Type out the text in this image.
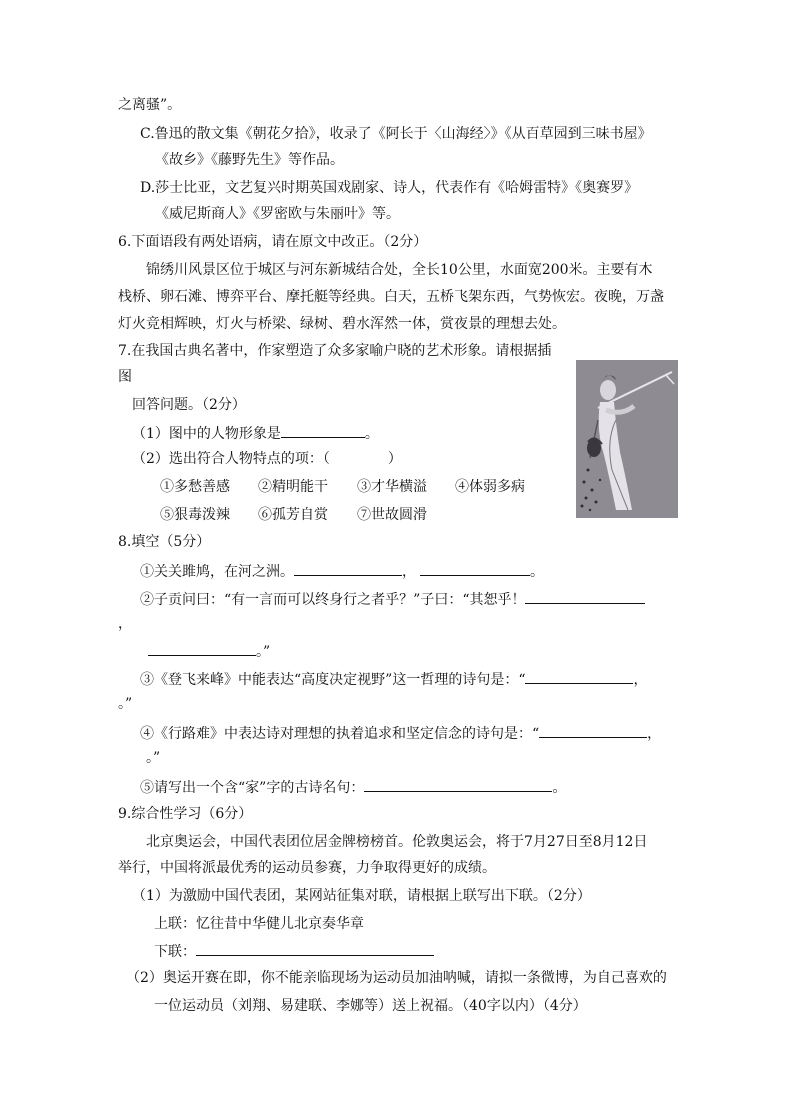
之离骚”。
C.鲁迅的散文集《朝花夕拾》，收录了《阿长于〈山海经〉》《从百草园到三味书屋》
《故乡》《藤野先生》等作品。
D.莎士比亚，文艺复兴时期英国戏剧家、诗人，代表作有《哈姆雷特》《奥赛罗》
《威尼斯商人》《罗密欧与朱丽叶》等。
6.下面语段有两处语病，请在原文中改正。（2分）
锦绣川风景区位于城区与河东新城结合处，全长10公里，水面宽200米。主要有木
栈桥、卵石滩、博弈平台、摩托艇等经典。白天，五桥飞架东西，气势恢宏。夜晚，万盏
灯火竞相辉映，灯火与桥梁、绿树、碧水浑然一体，赏夜景的理想去处。
7.在我国古典名著中，作家塑造了众多家喻户晓的艺术形象。请根据插
图
回答问题。（2分）
（1）图中的人物形象是	。
（2）选出符合人物特点的项：（	）
①多愁善感 ②精明能干 ③才华横溢 ④体弱多病
⑤狠毒泼辣 ⑥孤芳自赏 ⑦世故圆滑
8.填空（5分）
①关关雎鸠，在河之洲。	，	。
②子贡问曰：“有一言而可以终身行之者乎？”子曰：“其恕乎！
，
。”
③《登飞来峰》中能表达“高度决定视野”这一哲理的诗句是：“	，
。”
④《行路难》中表达诗对理想的执着追求和坚定信念的诗句是：“	，
。”
⑤请写出一个含“家”字的古诗名句：	。
9.综合性学习（6分）
北京奥运会，中国代表团位居金牌榜榜首。伦敦奥运会，将于7月27日至8月12日
举行，中国将派最优秀的运动员参赛，力争取得更好的成绩。
（1）为激励中国代表团，某网站征集对联，请根据上联写出下联。（2分）
上联：忆往昔中华健儿北京奏华章
下联：
（2）奥运开赛在即，你不能亲临现场为运动员加油呐喊，请拟一条微博，为自己喜欢的
一位运动员（刘翔、易建联、李娜等）送上祝福。（40字以内）（4分）
